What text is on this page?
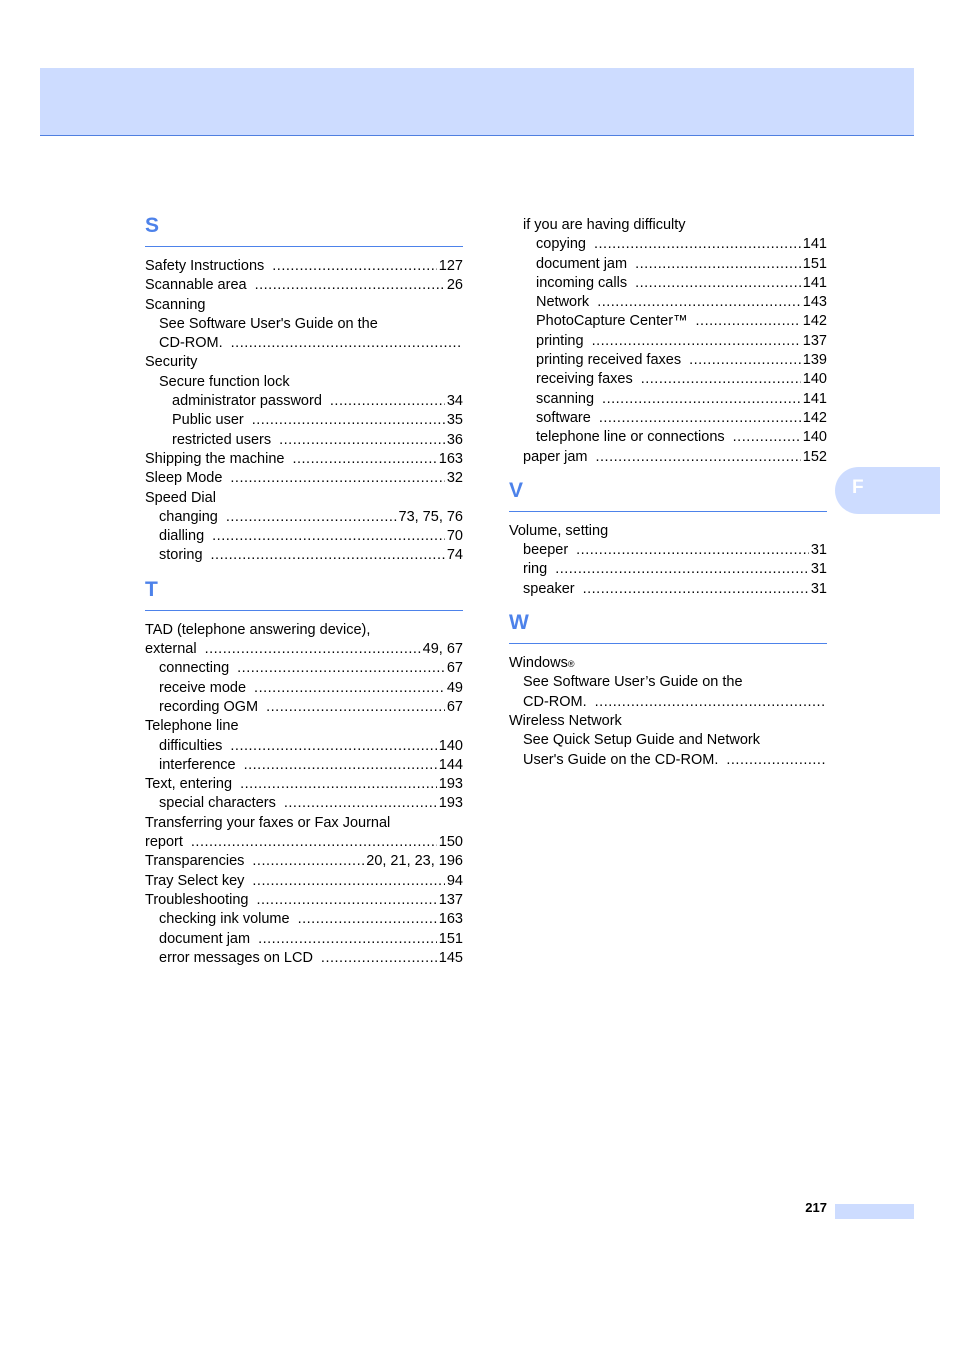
S
Safety Instructions .....	127
Scannable area .....	26
Scanning
See Software User's Guide on the
CD-ROM.
.....
Security
Secure function lock
administrator password .....	34
Public user .....	35
restricted users .....	36
Shipping the machine .....	163
Sleep Mode .....	32
Speed Dial
changing .....	73, 75, 76
dialling .....	70
storing .....	74
T
TAD (telephone answering device),
external .....	49, 67
connecting .....	67
receive mode .....	49
recording OGM .....	67
Telephone line
difficulties .....	140
interference .....	144
Text, entering .....	193
special characters .....	193
Transferring your faxes or Fax Journal
report .....	150
Transparencies .....	20, 21, 23, 196
Tray Select key .....	94
Troubleshooting .....	137
checking ink volume .....	163
document jam .....	151
error messages on LCD .....	145
if you are having difficulty
copying .....	141
document jam .....	151
incoming calls .....	141
Network .....	143
PhotoCapture Center™ .....	142
printing .....	137
printing received faxes .....	139
receiving faxes .....	140
scanning .....	141
software .....	142
telephone line or connections .....	140
paper jam .....	152
V
Volume, setting
beeper .....	31
ring .....	31
speaker .....	31
W
Windows ®
See Software User’s Guide on the
CD-ROM.
.....
Wireless Network
See Quick Setup Guide and Network
User's Guide on the CD-ROM.
.....
F
217
